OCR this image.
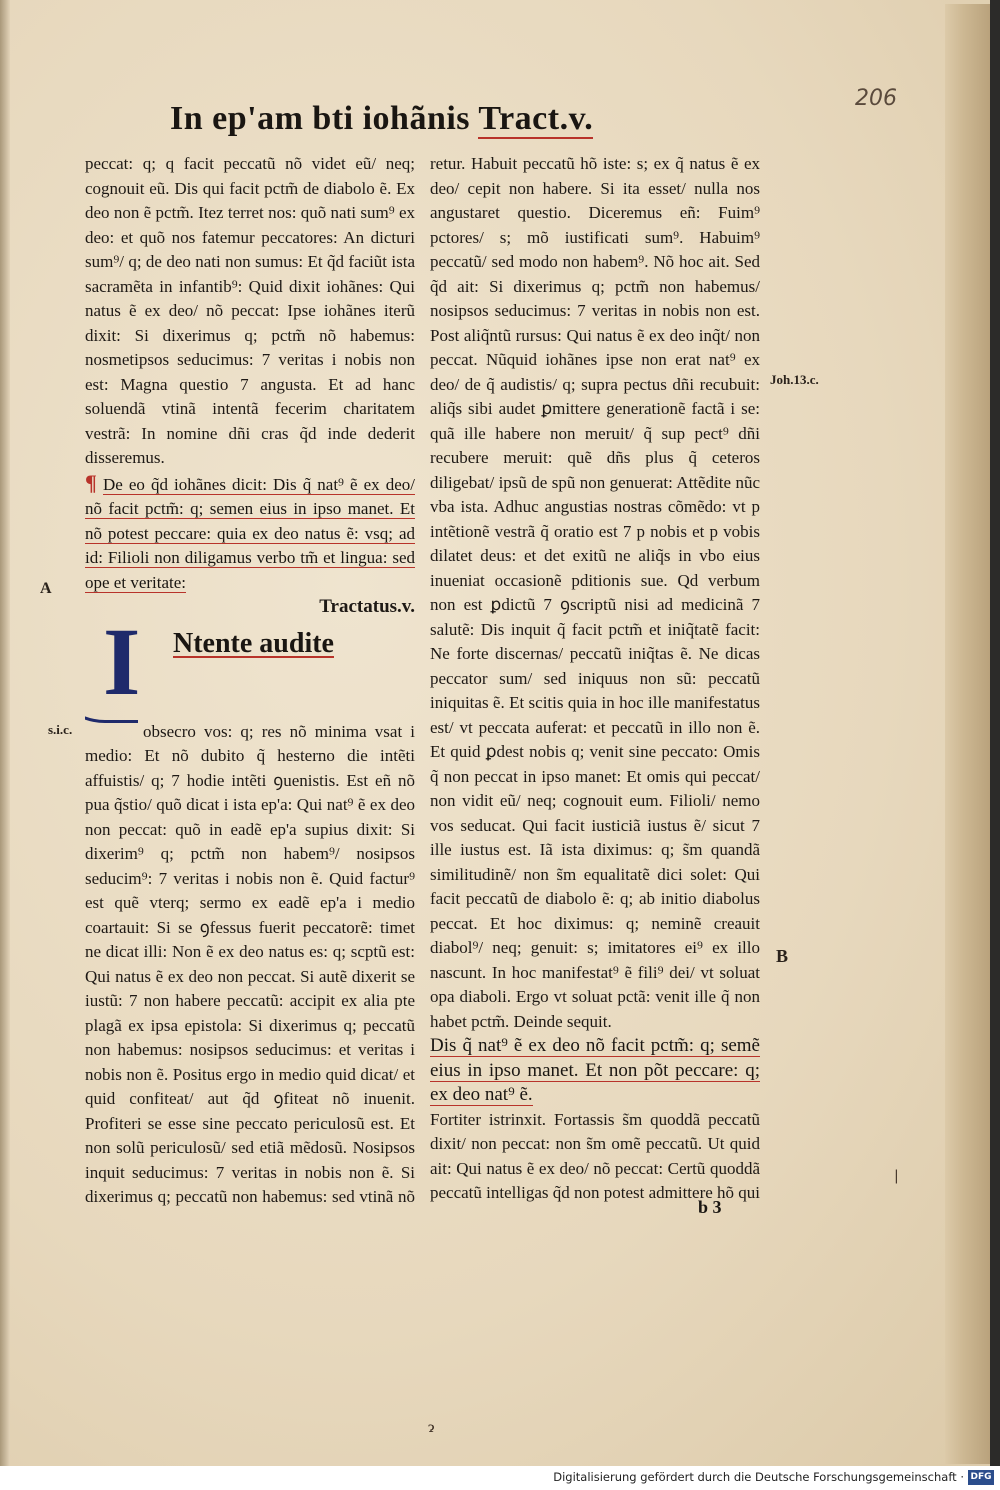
206
In ep'am bti iohãnis Tract.v.

peccat: q; q facit peccatũ nõ videt eũ/ neq; cognouit eũ. Dis qui facit pctm̃ de diabolo ẽ. Ex deo non ẽ pctm̃. Itez terret nos: quõ nati sum⁹ ex deo: et quõ nos fatemur peccatores: An dicturi sum⁹/ q; de deo nati non sumus: Et q̃d faciũt ista sacramẽta in infantib⁹: Quid dixit iohãnes: Qui natus ẽ ex deo/ nõ peccat: Ipse iohãnes iterũ dixit: Si dixerimus q; pctm̃ nõ habemus: nosmetipsos seducimus: 7 veritas i nobis non est: Magna questio 7 angusta. Et ad hanc soluendã vtinã intentã fecerim charitatem vestrã: In nomine dñi cras q̃d inde dederit disseremus.

¶ De eo q̃d iohãnes dicit: Dis q̃ nat⁹ ẽ ex deo/ nõ facit pctm̃: q; semen eius in ipso manet. Et nõ potest peccare: quia ex deo natus ẽ: vsq; ad id: Filioli non diligamus verbo tm̃ et lingua: sed ope et veritate:

Tractatus.v.

I Ntente audite

obsecro vos: q; res nõ minima vsat i medio: Et nõ dubito q̃ hesterno die intẽti affuistis/ q; 7 hodie intẽti ꝯuenistis. Est eñ nõ pua q̃stio/ quõ dicat i ista ep'a: Qui nat⁹ ẽ ex deo non peccat: quõ in eadẽ ep'a supius dixit: Si dixerim⁹ q; pctm̃ non habem⁹/ nosipsos seducim⁹: 7 veritas i nobis non ẽ. Quid factur⁹ est quẽ vterq; sermo ex eadẽ ep'a i medio coartauit: Si se ꝯfessus fuerit peccatorẽ: timet ne dicat illi: Non ẽ ex deo natus es: q; scptũ est: Qui natus ẽ ex deo non peccat. Si autẽ dixerit se iustũ: 7 non habere peccatũ: accipit ex alia pte plagã ex ipsa epistola: Si dixerimus q; peccatũ non habemus: nosipsos seducimus: et veritas i nobis non ẽ. Positus ergo in medio quid dicat/ et quid confiteat/ aut q̃d ꝯfiteat nõ inuenit. Profiteri se esse sine peccato periculosũ est. Et non solũ periculosũ/ sed etiã mẽdosũ. Nosipsos inquit seducimus: 7 veritas in nobis non ẽ. Si dixerimus q; peccatũ non habemus: sed vtinã nõ

retur. Habuit peccatũ hõ iste: s; ex q̃ natus ẽ ex deo/ cepit non habere. Si ita esset/ nulla nos angustaret questio. Diceremus eñ: Fuim⁹ pctores/ s; mõ iustificati sum⁹. Habuim⁹ peccatũ/ sed modo non habem⁹. Nõ hoc ait. Sed q̃d ait: Si dixerimus q; pctm̃ non habemus/ nosipsos seducimus: 7 veritas in nobis non est. Post aliq̃ntũ rursus: Qui natus ẽ ex deo inq̃t/ non peccat. Nũquid iohãnes ipse non erat nat⁹ ex deo/ de q̃ audistis/ q; supra pectus dñi recubuit: aliq̃s sibi audet ꝑmittere generationẽ factã i se: quã ille habere non meruit/ q̃ sup pect⁹ dñi recubere meruit: quẽ dñs plus q̃ ceteros diligebat/ ipsũ de spũ non genuerat: Attẽdite nũc vba ista. Adhuc angustias nostras cõmẽdo: vt p intẽtionẽ vestrã q̃ oratio est 7 p nobis et p vobis dilatet deus: et det exitũ ne aliq̃s in vbo eius inueniat occasionẽ pditionis sue. Qd verbum non est ꝑdictũ 7 ꝯscriptũ nisi ad medicinã 7 salutẽ: Dis inquit q̃ facit pctm̃ et iniq̃tatẽ facit: Ne forte discernas/ peccatũ iniq̃tas ẽ. Ne dicas peccator sum/ sed iniquus non sũ: peccatũ iniquitas ẽ. Et scitis quia in hoc ille manifestatus est/ vt peccata auferat: et peccatũ in illo non ẽ. Et quid ꝑdest nobis q; venit sine peccato: Omis q̃ non peccat in ipso manet: Et omis qui peccat/ non vidit eũ/ neq; cognouit eum. Filioli/ nemo vos seducat. Qui facit iusticiã iustus ẽ/ sicut 7 ille iustus est. Iã ista diximus: q; s̃m quandã similitudinẽ/ non s̃m equalitatẽ dici solet: Qui facit peccatũ de diabolo ẽ: q; ab initio diabolus peccat. Et hoc diximus: q; neminẽ creauit diabol⁹/ neq; genuit: s; imitatores ei⁹ ex illo nascunt. In hoc manifestat⁹ ẽ fili⁹ dei/ vt soluat opa diaboli. Ergo vt soluat pctã: venit ille q̃ non habet pctm̃. Deinde sequit.

Dis q̃ nat⁹ ẽ ex deo nõ facit pctm̃: q; semẽ eius in ipso manet. Et non põt peccare: q; ex deo nat⁹ ẽ.

Fortiter istrinxit. Fortassis s̃m quoddã peccatũ dixit/ non peccat: non s̃m omẽ peccatũ. Ut quid ait: Qui natus ẽ ex deo/ nõ peccat: Certũ quoddã peccatũ intelligas q̃d non potest admittere hõ qui

A
s.i.c.
Joh.13.c.
B
|
ɂ
b 3
Digitalisierung gefördert durch die Deutsche Forschungsgemeinschaft · DFG
